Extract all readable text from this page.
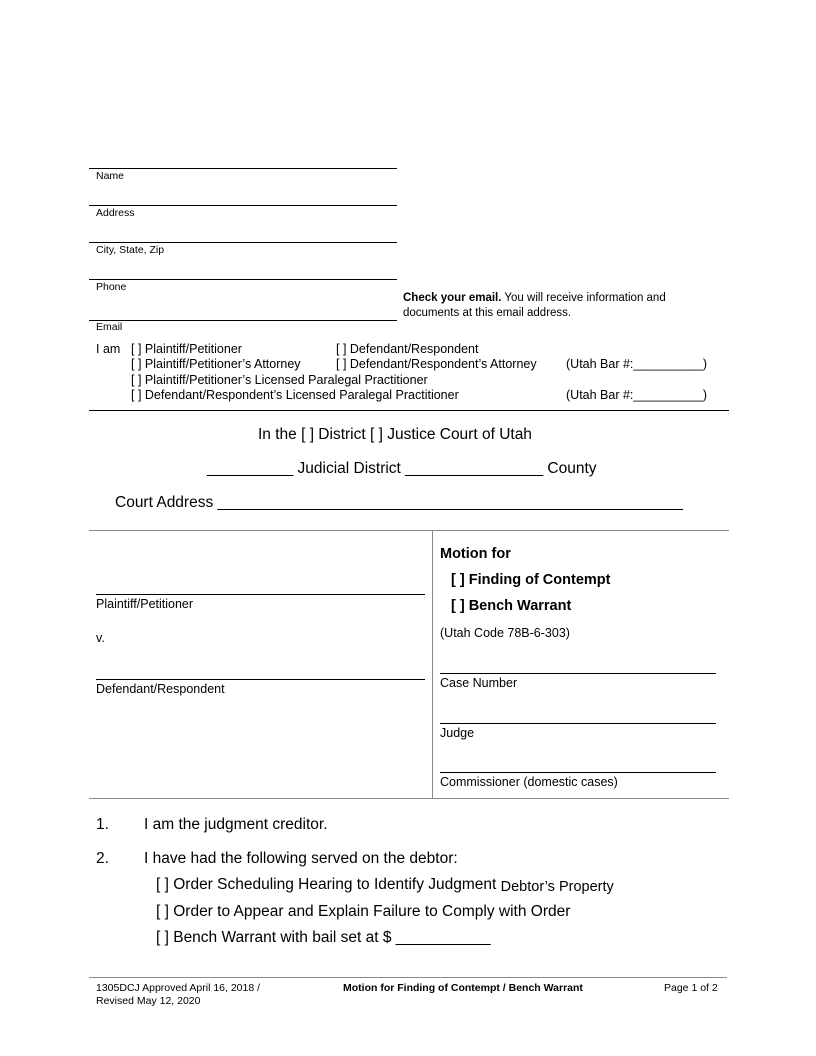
Name
Address
City, State, Zip
Phone
Check your email. You will receive information and
documents at this email address.
Email
I am [ ] Plaintiff/Petitioner	[ ] Defendant/Respondent
[ ] Plaintiff/Petitioner’s Attorney	[ ] Defendant/Respondent’s Attorney (Utah Bar #:__________)
[ ] Plaintiff/Petitioner’s Licensed Paralegal Practitioner
[ ] Defendant/Respondent’s Licensed Paralegal Practitioner	(Utah Bar #:__________)
In the [ ] District [ ] Justice Court of Utah
__________ Judicial District ________________ County
Court Address ______________________________________________________
Plaintiff/Petitioner
v.
Defendant/Respondent
Motion for
[ ] Finding of Contempt
[ ] Bench Warrant
(Utah Code 78B-6-303)
Case Number
Judge
Commissioner (domestic cases)
1. I am the judgment creditor.
2. I have had the following served on the debtor:
[ ] Order Scheduling Hearing to Identify Judgment Debtor’s Property
[ ] Order to Appear and Explain Failure to Comply with Order
[ ] Bench Warrant with bail set at $ ___________
1305DCJ Approved April 16, 2018 /
Revised May 12, 2020
Motion for Finding of Contempt / Bench Warrant	Page 1 of 2
